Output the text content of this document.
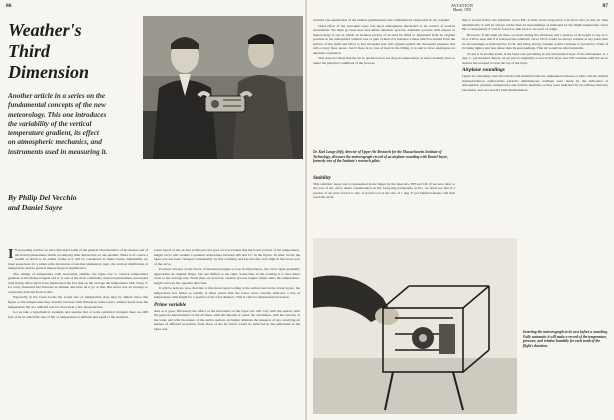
86
Weather's
Third
Dimension
Another article in a series on the fundamental concepts of the new meteorology. This one introduces the variability of the vertical temperature gradient, its effect on atmospheric mechanics, and instruments used in measuring it.
By Philip Del Vecchio
and Daniel Sayre

I N preceding articles we have discussed some of the general characteristics of air masses and of the frontal phenomena which accompany their interaction on one another. There is of course a wealth of detail to be added. Some of it will be considered in future issues. Meanwhile we must pause here for a rather wide discussion of another elementary topic, the vertical distribution of temperature and its general meteorological significance.

The change of temperature with increasing altitude, the lapse rate or vertical temperature gradient as the meteorologists call it, is one of the most commonly observed phenomena associated with flying. Most pilots have memorized the fact that on the average the temperature falls 3 deg. F. for every thousand feet increase in altitude and have let it go at that. But never was an average so constantly deviated from as this.

Especially in the lower levels the actual rate of temperature drop may be almost twice this figure or the temperature may actually increase with altitude in some layers. Almost never does the temperature fall at a uniform rate for more than a few thousand feet.

Let us take a hypothetical example and assume that at some particular moment there are 400 feet of air in which the rate of fall of temperature is uniform and equal to the standard.

lower layers of the air and as this process goes on it is evident that the lower portion of the temperature-height curve will assume a position somewhere between AB and CC in the figure. In other words the lapse rate has been changed considerably by this warming and has become very high in the lower part of the curve.

Forward onward, as the factor of insolation begins to lose its importance, the curve again gradually approaches its original shape, but one shifted to the right. Some time in the evening it is once more close to the average rate. From then on, however, another process begins which alters the temperature-height curve in the opposite direction.

It will be noticed, now, that due to this more rapid cooling at the surface and in the lower layers, the temperature has fallen so rapidly at these points that the lower curve actually indicates a rise of temperature with height for a portion of the total distance. This is called a temperature inversion.

Prime variable

And so it goes. Obviously the effect of the insolation on the lapse rate will vary with the season, with the general characteristics of the air mass, with the amount of cloud, the cloudiness, with the velocity of the wind, and with the nature of the earth's surface. At higher altitudes the presence of any overlying air masses of different properties from those of the air below would be reflected in discontinuities in the lapse rate.

AVIATION
March, 1935
87
Dr. Karl Lange (left), director of Upper Air Research for the Massachusetts Institute of Technology, discusses the meteorograph record of an airplane sounding with Daniel Sayre, formerly one of the Institute's research pilots.

counted one explanation of the endless permutations and combinations observable in our weather.

Chief effect of the prevalent lapse rate upon atmospheric mechanics is its control of vertical movements. We must go back here and define adiabatic process. Adiabatic process with respect to meteorology is one in which an isolated portion of air may be lifted or depressed from its original position in the atmosphere without loss or gain of heat. For instance a mass which is started from the surface of the earth and lifted to five thousand feet will expand against the decreased pressure and will occupy more space, but if there is no loss of heat in the lifting, it is said to have undergone an adiabatic expansion.

This does not mean that the air in question does not drop in temperature; at least certainly does so under the physical conditions of the process.

Stability

This adiabatic lapse rate is represented in the figure by the lines AG, EH and CD. If we now refer to the part of the curve under consideration in the foregoing paragraphs as EC, we shall see that if a portion of air were forced to rise, it would cool at the rate of 1 deg. F. per hundred meters and thus reach the level.

that it would follow the adiabatic curve EH. A little closer inspection will show that as this air rises adiabatically, it will be always colder than its surroundings as indicated by the slight temperature curve EK. Consequently it will be forced to sink back to its level of origin.

However, if the same air mass occurred during the afternoon and a portion of air began to rise as C D, it will be seen that if it followed the adiabatic curve CD it would be always warmer at any point than its surroundings as indicated by CCD, and being always warmer would continue to ascend by virtue of its being lighter and less dense than its surroundings. This air would be called unstable.

To put it in another form, if the lapse rate prevailing in any unsaturated layer of the atmosphere is 1 deg. C. per hundred meters, an air parcel originally at rest in that layer and will continue until the air in motion has reached at least the top of the layer.

Airplane soundings

Upper air soundings were first made with manned balloons, unmanned balloons or kites. On the earliest manned-balloon explorations periodic simultaneous readings were made by the balloonist of atmospheric pressure, temperature and relative humidity as they were indicated by an ordinary mercury barometer, and wet and dry bulb thermometers.

Inserting the meteorograph in its case before a sounding. Fully automatic it will make a record of the temperature, pressure, and relative humidity for each tenth of the flight's duration.
